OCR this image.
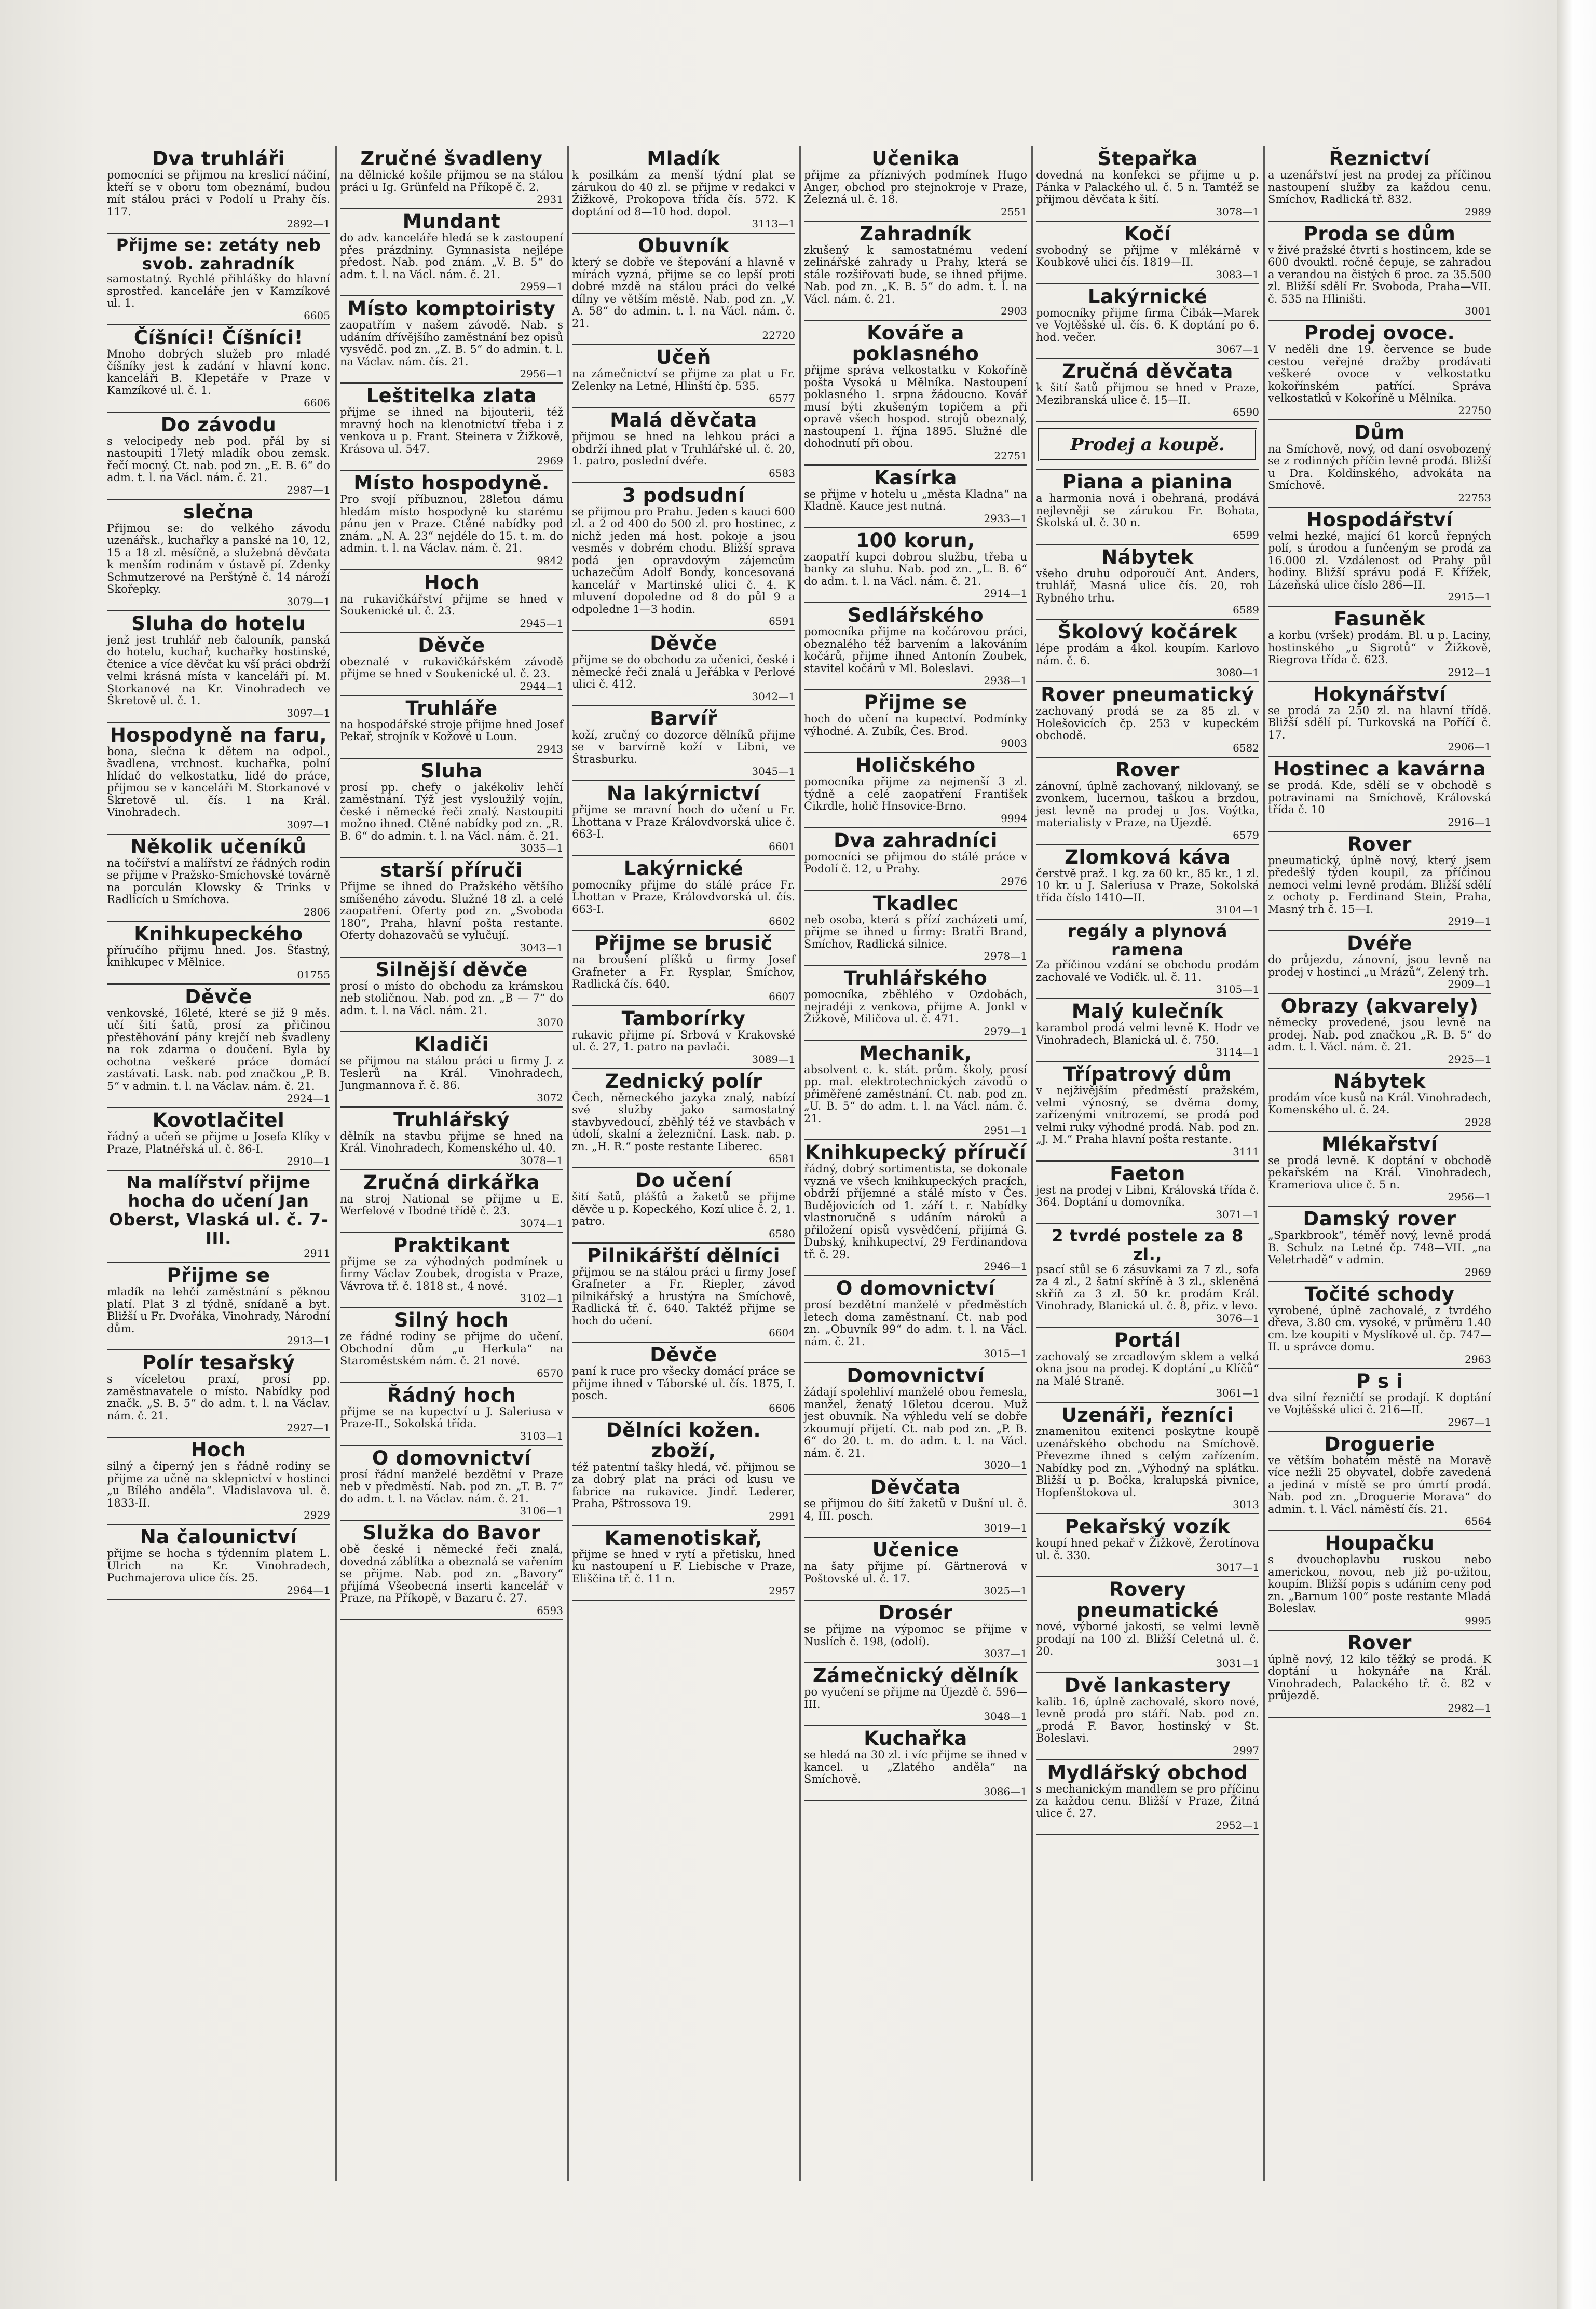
Dva truhláři
pomocníci se přijmou na kreslicí náčiní, kteří se v oboru tom obeznámí, budou mít stálou práci v Podolí u Prahy čís. 117.
2892—1
Přijme se: zetáty neb svob. zahradník
samostatný. Rychlé přihlášky do hlavní sprostřed. kanceláře jen v Kamzíkové ul. 1.
6605
Číšníci! Číšníci!
Mnoho dobrých služeb pro mladé číšníky jest k zadání v hlavní konc. kanceláři B. Klepetáře v Praze v Kamzíkové ul. č. 1.
6606
Do závodu
s velocipedy neb pod. přál by si nastoupiti 17letý mladík obou zemsk. řečí mocný. Ct. nab. pod zn. „E. B. 6“ do adm. t. l. na Václ. nám. č. 21.
2987—1
slečna
Přijmou se: do velkého závodu uzenářsk., kuchařky a panské na 10, 12, 15 a 18 zl. měsíčně, a služebná děvčata k menším rodinám v ústavě pí. Zdenky Schmutzerové na Perštýně č. 14 nároží Skořepky.
3079—1
Sluha do hotelu
jenž jest truhlář neb čalouník, panská do hotelu, kuchař, kuchařky hostinské, čtenice a více děvčat ku vší práci obdrží velmi krásná místa v kanceláři pí. M. Storkanové na Kr. Vinohradech ve Škretově ul. č. 1.
3097—1
Hospodyně na faru,
bona, slečna k dětem na odpol., švadlena, vrchnost. kuchařka, polní hlídač do velkostatku, lidé do práce, přijmou se v kanceláři M. Storkanové v Škretově ul. čís. 1 na Král. Vinohradech.
3097—1
Několik učeníků
na točířství a malířství ze řádných rodin se přijme v Pražsko-Smíchovské továrně na porculán Klowsky & Trinks v Radlicích u Smíchova.
2806
Knihkupeckého
příručího přijmu hned. Jos. Šťastný, knihkupec v Mělnice.
01755
Děvče
venkovské, 16leté, které se již 9 měs. učí šití šatů, prosí za přičinou přestěhování pány krejčí neb švadleny na rok zdarma o doučení. Byla by ochotna veškeré práce domácí zastávati. Lask. nab. pod značkou „P. B. 5“ v admin. t. l. na Václav. nám. č. 21.
2924—1
Kovotlačitel
řádný a učeň se přijme u Josefa Klíky v Praze, Platnéřská ul. č. 86-I.
2910—1
Na malířství přijme hocha do učení Jan Oberst, Vlaská ul. č. 7-III.
2911
Přijme se
mladík na lehčí zaměstnání s pěknou platí. Plat 3 zl týdně, snídaně a byt. Bližší u Fr. Dvořáka, Vinohrady, Národní dům.
2913—1
Polír tesařský
s víceletou praxí, prosí pp. zaměstnavatele o místo. Nabídky pod značk. „S. B. 5“ do adm. t. l. na Václav. nám. č. 21.
2927—1
Hoch
silný a čiperný jen s řádně rodiny se přijme za učně na sklepnictví v hostinci „u Bílého anděla“. Vladislavova ul. č. 1833-II.
2929
Na čalounictví
přijme se hocha s týdenním platem L. Ulrich na Kr. Vinohradech, Puchmajerova ulice čís. 25.
2964—1
Zručné švadleny
na dělnické košile přijmou se na stálou práci u Ig. Grünfeld na Příkopě č. 2.
2931
Mundant
do adv. kanceláře hledá se k zastoupení přes prázdniny. Gymnasista nejlépe předost. Nab. pod znám. „V. B. 5“ do adm. t. l. na Václ. nám. č. 21.
2959—1
Místo komptoiristy
zaopatřím v našem závodě. Nab. s udáním dřívějšího zaměstnání bez opisů vysvědč. pod zn. „Z. B. 5“ do admin. t. l. na Václav. nám. čís. 21.
2956—1
Leštitelka zlata
přijme se ihned na bijouterii, též mravný hoch na klenotnictví třeba i z venkova u p. Frant. Steinera v Žižkově, Krásova ul. 547.
2969
Místo hospodyně.
Pro svojí příbuznou, 28letou dámu hledám místo hospodyně ku starému pánu jen v Praze. Ctěné nabídky pod znám. „N. A. 23“ nejdéle do 15. t. m. do admin. t. l. na Václav. nám. č. 21.
9842
Hoch
na rukavičkářství přijme se hned v Soukenické ul. č. 23.
2945—1
Děvče
obeznalé v rukavičkářském závodě přijme se hned v Soukenické ul. č. 23.
2944—1
Truhláře
na hospodářské stroje přijme hned Josef Pekař, strojník v Kožové u Loun.
2943
Sluha
prosí pp. chefy o jakékoliv lehčí zaměstnání. Týž jest vysloužilý vojín, české i německé řeči znalý. Nastoupiti možno ihned. Ctěné nabídky pod zn. „R. B. 6“ do admin. t. l. na Václ. nám. č. 21.
3035—1
starší příruči
Přijme se ihned do Pražského většího smíšeného závodu. Služné 18 zl. a celé zaopatření. Oferty pod zn. „Svoboda 180“, Praha, hlavní pošta restante. Oferty dohazovačů se vylučují.
3043—1
Silnější děvče
prosí o místo do obchodu za krámskou neb stoličnou. Nab. pod zn. „B — 7“ do adm. t. l. na Václ. nám. 21.
3070
Kladiči
se přijmou na stálou práci u firmy J. z Teslerů na Král. Vinohradech, Jungmannova ř. č. 86.
3072
Truhlářský
dělník na stavbu přijme se hned na Král. Vinohradech, Komenského ul. 40.
3078—1
Zručná dirkářka
na stroj National se přijme u E. Werfelové v Ibodné třídě č. 23.
3074—1
Praktikant
přijme se za výhodných podmínek u firmy Václav Zoubek, drogista v Praze, Vávrova tř. č. 1818 st., 4 nové.
3102—1
Silný hoch
ze řádné rodiny se přijme do učení. Obchodní dům „u Herkula“ na Staroměstském nám. č. 21 nové.
6570
Řádný hoch
přijme se na kupectví u J. Saleriusa v Praze-II., Sokolská třída.
3103—1
O domovnictví
prosí řádní manželé bezdětní v Praze neb v předměstí. Nab. pod zn. „T. B. 7“ do adm. t. l. na Václav. nám. č. 21.
3106—1
Služka do Bavor
obě české i německé řeči znalá, dovedná záblítka a obeznalá se vařením se přijme. Nab. pod zn. „Bavory“ přijímá Všeobecná inserti kancelář v Praze, na Příkopě, v Bazaru č. 27.
6593
Mladík
k posilkám za menší týdní plat se zárukou do 40 zl. se přijme v redakci v Žižkově, Prokopova třída čís. 572. K doptání od 8—10 hod. dopol.
3113—1
Obuvník
který se dobře ve štepování a hlavně v mírách vyzná, přijme se co lepší proti dobré mzdě na stálou práci do velké dílny ve větším městě. Nab. pod zn. „V. A. 58“ do admin. t. l. na Václ. nám. č. 21.
22720
Učeň
na zámečnictví se přijme za plat u Fr. Zelenky na Letné, Hlinští čp. 535.
6577
Malá děvčata
přijmou se hned na lehkou práci a obdrží ihned plat v Truhlářské ul. č. 20, 1. patro, poslední dvéře.
6583
3 podsudní
se přijmou pro Prahu. Jeden s kauci 600 zl. a 2 od 400 do 500 zl. pro hostinec, z nichž jeden má host. pokoje a jsou vesměs v dobrém chodu. Bližší sprava podá jen opravdovým zájemcům uchazečům Adolf Bondy, koncesovaná kancelář v Martinské ulici č. 4. K mluvení dopoledne od 8 do půl 9 a odpoledne 1—3 hodin.
6591
Děvče
přijme se do obchodu za učenici, české i německé řeči znalá u Jeřábka v Perlové ulici č. 412.
3042—1
Barvíř
koží, zručný co dozorce dělníků přijme se v barvírně koží v Libni, ve Štrasburku.
3045—1
Na lakýrnictví
přijme se mravní hoch do učení u Fr. Lhottana v Praze Královdvorská ulice č. 663-I.
6601
Lakýrnické
pomocníky přijme do stálé práce Fr. Lhottan v Praze, Královdvorská ul. čís. 663-I.
6602
Přijme se brusič
na broušení plíšků u firmy Josef Grafneter a Fr. Rysplar, Smíchov, Radlická čís. 640.
6607
Tamborírky
rukavic přijme pí. Srbová v Krakovské ul. č. 27, 1. patro na pavlači.
3089—1
Zednický polír
Čech, německého jazyka znalý, nabízí své služby jako samostatný stavbyvedoucí, zběhlý též ve stavbách v údolí, skalní a železniční. Lask. nab. p. zn. „H. R.“ poste restante Liberec.
6581
Do učení
šití šatů, plášťů a žaketů se přijme děvče u p. Kopeckého, Kozí ulice č. 2, 1. patro.
6580
Pilnikářští dělníci
přijmou se na stálou práci u firmy Josef Grafneter a Fr. Riepler, závod pilnikářský a hrustýra na Smíchově, Radlická tř. č. 640. Taktéž přijme se hoch do učení.
6604
Děvče
paní k ruce pro všecky domácí práce se přijme ihned v Táborské ul. čís. 1875, I. posch.
6606
Dělníci kožen. zboží,
též patentní tašky hledá, vč. přijmou se za dobrý plat na práci od kusu ve fabrice na rukavice. Jindř. Lederer, Praha, Pštrossova 19.
2991
Kamenotiskař,
přijme se hned v rytí a přetisku, hned ku nastoupení u F. Liebische v Praze, Eliščina tř. č. 11 n.
2957
Učenika
přijme za příznivých podmínek Hugo Anger, obchod pro stejnokroje v Praze, Železná ul. č. 18.
2551
Zahradník
zkušený k samostatnému vedení zelinářské zahrady u Prahy, která se stále rozšiřovati bude, se ihned přijme. Nab. pod zn. „K. B. 5“ do adm. t. l. na Václ. nám. č. 21.
2903
Kováře a poklasného
přijme správa velkostatku v Kokoříně pošta Vysoká u Mělníka. Nastoupení poklasného 1. srpna žádoucno. Kovář musí býti zkušeným topičem a při opravě všech hospod. strojů obeznalý, nastoupení 1. října 1895. Služné dle dohodnutí při obou.
22751
Kasírka
se přijme v hotelu u „města Kladna“ na Kladně. Kauce jest nutná.
2933—1
100 korun,
zaopatří kupci dobrou službu, třeba u banky za sluhu. Nab. pod zn. „L. B. 6“ do adm. t. l. na Václ. nám. č. 21.
2914—1
Sedlářského
pomocníka přijme na kočárovou práci, obeznalého též barvením a lakováním kočárů, přijme ihned Antonín Zoubek, stavitel kočárů v Ml. Boleslavi.
2938—1
Přijme se
hoch do učení na kupectví. Podmínky výhodné. A. Zubík, Čes. Brod.
9003
Holičského
pomocníka přijme za nejmenší 3 zl. týdně a celé zaopatření František Cikrdle, holič Hnsovice-Brno.
9994
Dva zahradníci
pomocníci se přijmou do stálé práce v Podolí č. 12, u Prahy.
2976
Tkadlec
neb osoba, která s přízí zacházeti umí, přijme se ihned u firmy: Bratři Brand, Smíchov, Radlická silnice.
2978—1
Truhlářského
pomocníka, zběhlého v Ozdobách, nejradéji z venkova, přijme A. Jonkl v Žižkově, Miličova ul. č. 471.
2979—1
Mechanik,
absolvent c. k. stát. prům. školy, prosí pp. mal. elektrotechnických závodů o přiměřené zaměstnání. Ct. nab. pod zn. „U. B. 5“ do adm. t. l. na Václ. nám. č. 21.
2951—1
Knihkupecký příručí
řádný, dobrý sortimentista, se dokonale vyzná ve všech knihkupeckých pracích, obdrží příjemné a stálé místo v Čes. Budějovicích od 1. září t. r. Nabídky vlastnoručně s udáním nároků a přiložení opisů vysvědčení, přijímá G. Dubský, knihkupectví, 29 Ferdinandova tř. č. 29.
2946—1
O domovnictví
prosí bezdětní manželé v předměstích letech doma zaměstnaní. Ct. nab pod zn. „Obuvník 99“ do adm. t. l. na Václ. nám. č. 21.
3015—1
Domovnictví
žádají spolehliví manželé obou řemesla, manžel, ženatý 16letou dcerou. Muž jest obuvník. Na výhledu velí se dobře zkoumují přijetí. Ct. nab pod zn. „P. B. 6“ do 20. t. m. do adm. t. l. na Václ. nám. č. 21.
3020—1
Děvčata
se přijmou do šití žaketů v Dušní ul. č. 4, III. posch.
3019—1
Učenice
na šaty přijme pí. Gärtnerová v Poštovské ul. č. 17.
3025—1
Drosér
se přijme na výpomoc se přijme v Nuslích č. 198, (odolí).
3037—1
Zámečnický dělník
po vyučení se přijme na Újezdě č. 596—III.
3048—1
Kuchařka
se hledá na 30 zl. i víc přijme se ihned v kancel. u „Zlatého anděla“ na Smíchově.
3086—1
Štepařka
dovedná na konfekci se přijme u p. Pánka v Palackého ul. č. 5 n. Tamtéž se přijmou děvčata k šití.
3078—1
Kočí
svobodný se přijme v mlékárně v Koubkově ulici čís. 1819—II.
3083—1
Lakýrnické
pomocníky přijme firma Čibák—Marek ve Vojtěšské ul. čís. 6. K doptání po 6. hod. večer.
3067—1
Zručná děvčata
k šití šatů přijmou se hned v Praze, Mezibranská ulice č. 15—II.
6590
Prodej a koupě.
Piana a pianina
a harmonia nová i obehraná, prodává nejlevněji se zárukou Fr. Bohata, Školská ul. č. 30 n.
6599
Nábytek
všeho druhu odporoučí Ant. Anders, truhlář, Masná ulice čís. 20, roh Rybného trhu.
6589
Školový kočárek
lépe prodám a 4kol. koupím. Karlovo nám. č. 6.
3080—1
Rover pneumatický
zachovaný prodá se za 85 zl. v Holešovicích čp. 253 v kupeckém obchodě.
6582
Rover
zánovní, úplně zachovaný, niklovaný, se zvonkem, lucernou, taškou a brzdou, jest levně na prodej u Jos. Voýtka, materialisty v Praze, na Újezdě.
6579
Zlomková káva
čerstvě praž. 1 kg. za 60 kr., 85 kr., 1 zl. 10 kr. u J. Saleriusa v Praze, Sokolská třída číslo 1410—II.
3104—1
regály a plynová ramena
Za příčinou vzdání se obchodu prodám zachovalé ve Vodičk. ul. č. 11.
3105—1
Malý kulečník
karambol prodá velmi levně K. Hodr ve Vinohradech, Blanická ul. č. 750.
3114—1
Třípatrový dům
v nejživějším předměstí pražském, velmi výnosný, se dvěma domy, zařízenými vnitrozemí, se prodá pod velmi ruky výhodné prodá. Nab. pod zn. „J. M.“ Praha hlavní pošta restante.
3111
Faeton
jest na prodej v Libni, Královská třída č. 364. Doptání u domovníka.
3071—1
2 tvrdé postele za 8 zl.,
psací stůl se 6 zásuvkami za 7 zl., sofa za 4 zl., 2 šatní skříně à 3 zl., skleněná skříň za 3 zl. 50 kr. prodám Král. Vinohrady, Blanická ul. č. 8, přiz. v levo.
3076—1
Portál
zachovalý se zrcadlovým sklem a velká okna jsou na prodej. K doptání „u Klíčů“ na Malé Straně.
3061—1
Uzenáři, řezníci
znamenitou exitenci poskytne koupě uzenářského obchodu na Smíchově. Převezme ihned s celým zařízením. Nabídky pod zn. „Výhodný na splátku. Bližší u p. Bočka, kralupská pivnice, Hopfenštokova ul.
3013
Pekařský vozík
koupí hned pekař v Žižkově, Žerotínova ul. č. 330.
3017—1
Rovery pneumatické
nové, výborné jakosti, se velmi levně prodají na 100 zl. Bližší Celetná ul. č. 20.
3031—1
Dvě lankastery
kalib. 16, úplně zachovalé, skoro nové, levně prodá pro stáří. Nab. pod zn. „prodá F. Bavor, hostinský v St. Boleslavi.
2997
Mydlářský obchod
s mechanickým mandlem se pro příčinu za každou cenu. Bližší v Praze, Žitná ulice č. 27.
2952—1
Řeznictví
a uzenářství jest na prodej za příčinou nastoupení služby za každou cenu. Smíchov, Radlická tř. 832.
2989
Proda se dům
v živé pražské čtvrti s hostincem, kde se 600 dvouktl. ročně čepuje, se zahradou a verandou na čistých 6 proc. za 35.500 zl. Bližší sdělí Fr. Svoboda, Praha—VII. č. 535 na Hliništi.
3001
Prodej ovoce.
V neděli dne 19. července se bude cestou veřejné dražby prodávati veškeré ovoce v velkostatku kokořínském patřící. Správa velkostatků v Kokoříně u Mělníka.
22750
Dům
na Smíchově, nový, od daní osvobozený se z rodinných příčin levně prodá. Bližší u Dra. Koldinského, advokáta na Smíchově.
22753
Hospodářství
velmi hezké, mající 61 korců řepných polí, s úrodou a funčeným se prodá za 16.000 zl. Vzdálenost od Prahy půl hodiny. Bližší správu podá F. Křížek, Lázeňská ulice číslo 286—II.
2915—1
Fasuněk
a korbu (vršek) prodám. Bl. u p. Laciny, hostinského „u Sigrotů“ v Žižkově, Riegrova třída č. 623.
2912—1
Hokynářství
se prodá za 250 zl. na hlavní třídě. Bližší sdělí pí. Turkovská na Poříčí č. 17.
2906—1
Hostinec a kavárna
se prodá. Kde, sdělí se v obchodě s potravinami na Smíchově, Královská třída č. 10
2916—1
Rover
pneumatický, úplně nový, který jsem předešlý týden koupil, za příčinou nemoci velmi levně prodám. Bližší sdělí z ochoty p. Ferdinand Stein, Praha, Masný trh č. 15—I.
2919—1
Dvéře
do průjezdu, zánovní, jsou levně na prodej v hostinci „u Mrázů“, Zelený trh.
2909—1
Obrazy (akvarely)
německy provedené, jsou levně na prodej. Nab. pod značkou „R. B. 5“ do adm. t. l. Václ. nám. č. 21.
2925—1
Nábytek
prodám více kusů na Král. Vinohradech, Komenského ul. č. 24.
2928
Mlékařství
se prodá levně. K doptání v obchodě pekařském na Král. Vinohradech, Krameriova ulice č. 5 n.
2956—1
Damský rover
„Sparkbrook“, téměř nový, levně prodá B. Schulz na Letné čp. 748—VII. „na Veletrhadě“ v admin.
2969
Točité schody
vyrobené, úplně zachovalé, z tvrdého dřeva, 3.80 cm. vysoké, v průměru 1.40 cm. lze koupiti v Myslíkově ul. čp. 747—II. u správce domu.
2963
P s i
dva silní řezničtí se prodají. K doptání ve Vojtěšské ulici č. 216—II.
2967—1
Droguerie
ve větším bohatém městě na Moravě více nežli 25 obyvatel, dobře zavedená a jediná v místě se pro úmrtí prodá. Nab. pod zn. „Droguerie Morava“ do admin. t. l. Václ. náměstí čís. 21.
6564
Houpačku
s dvouchoplavbu ruskou nebo americkou, novou, neb již po-užitou, koupím. Bližší popis s udáním ceny pod zn. „Barnum 100“ poste restante Mladá Boleslav.
9995
Rover
úplně nový, 12 kilo těžký se prodá. K doptání u hokynáře na Král. Vinohradech, Palackého tř. č. 82 v průjezdě.
2982—1
